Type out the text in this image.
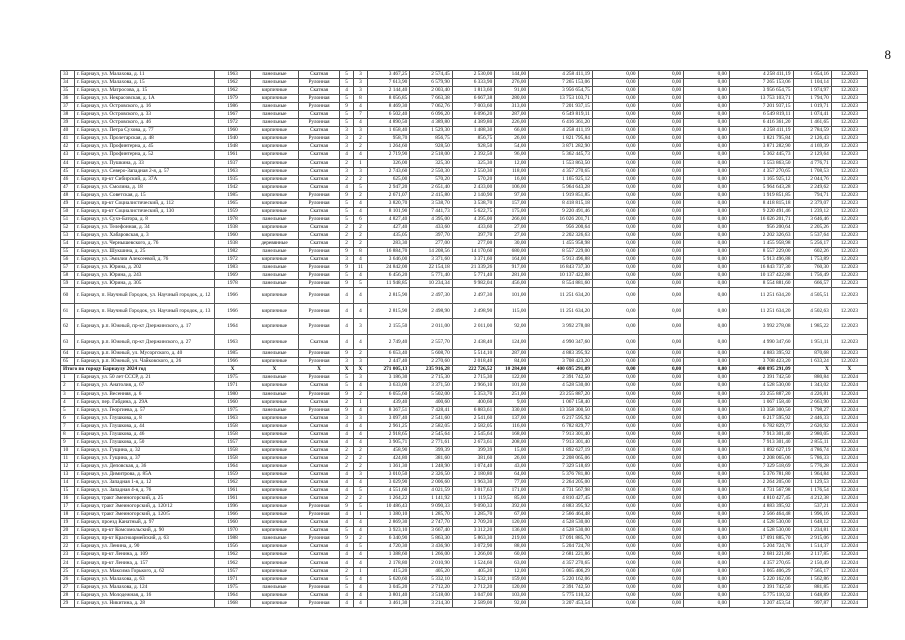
8
33	г. Барнаул, ул. Малахова, д. 11	1963	панельные	Скатная	5	3	3 467,25	2 574,45	2 530,00	144,00	4 258 411,19	0,00	0,00	0,00	4 258 411,19	1 654,16	12.2023
34	г. Барнаул, ул. Малахова, д. 15	1962	панельные	Рулонная	5	3	7 613,90	6 579,90	6 333,90	276,00	7 265 153,06	0,00	0,00	0,00	7 265 153,06	1 104,14	12.2023
35	г. Барнаул, ул. Матросова, д. 15	1962	кирпичные	Скатная	4	3	2 144,40	2 003,40	1 813,60	91,00	3 956 654,75	0,00	0,00	0,00	3 956 654,75	1 974,97	12.2023
36	г. Барнаул, ул. Некрасовская, д. 1А	1979	кирпичные	Рулонная	5	8	8 056,85	7 663,38	6 667,38	280,00	13 753 103,71	0,00	0,00	0,00	13 753 103,71	1 794,70	12.2023
37	г. Барнаул, ул. Островского, д. 16	1986	панельные	Рулонная	9	4	8 469,30	7 062,76	7 003,60	313,00	7 201 937,15	0,00	0,00	0,00	7 201 937,15	1 019,71	12.2023
38	г. Барнаул, ул. Островского, д. 33	1967	панельные	Скатная	5	7	6 502,40	6 096,20	6 096,20	287,00	6 549 819,11	0,00	0,00	0,00	6 549 819,11	1 074,41	12.2023
39	г. Барнаул, ул. Островского, д. 46	1972	панельные	Рулонная	5	4	4 890,50	4 389,80	4 389,80	226,00	6 416 361,20	0,00	0,00	0,00	6 416 361,20	1 461,65	12.2023
40	г. Барнаул, ул. Петра Сухова, д. 77	1960	кирпичные	Скатная	3	3	1 658,40	1 529,30	1 488,30	66,00	4 258 411,19	0,00	0,00	0,00	4 258 411,19	2 784,59	12.2023
41	г. Барнаул, ул. Пролетарская, д. 48	1940	кирпичные	Рулонная	3	2	958,70	856,75	856,75	26,00	1 821 795,84	0,00	0,00	0,00	1 821 795,84	2 126,43	12.2023
42	г. Барнаул, ул. Профинтерна, д. 45	1948	кирпичные	Скатная	3	2	1 264,60	928,50	928,50	54,00	3 871 282,90	0,00	0,00	0,00	3 871 282,90	4 169,39	12.2023
43	г. Барнаул, ул. Профинтерна, д. 52	1961	кирпичные	Скатная	4	4	2 719,90	2 518,00	2 392,50	96,00	5 362 445,73	0,00	0,00	0,00	5 362 445,73	2 129,64	12.2023
44	г. Барнаул, ул. Пушкина, д. 33	1937	кирпичные	Скатная	2	1	326,00	325,30	325,30	12,00	1 553 863,50	0,00	0,00	0,00	1 553 863,50	4 776,71	12.2023
45	г. Барнаул, ул. Северо-Западная 2-я, д. 57	1963	кирпичные	Скатная	3	3	2 743,60	2 550,30	2 550,30	118,00	4 357 270,65	0,00	0,00	0,00	4 357 270,65	1 708,53	12.2023
46	г. Барнаул, пр-кт Сибирский, д. 37А	1935	кирпичные	Скатная	2	2	625,00	570,20	570,20	16,00	1 165 925,12	0,00	0,00	0,00	1 165 925,12	2 044,76	12.2023
47	г. Барнаул, ул. Смолина, д. 18	1942	кирпичные	Скатная	4	5	2 947,20	2 651,40	2 433,00	106,00	5 964 643,28	0,00	0,00	0,00	5 964 643,28	2 249,62	12.2023
48	г. Барнаул, ул. Советская, д. 15	1985	кирпичные	Рулонная	9	2	2 671,07	2 415,80	2 140,90	97,00	1 919 851,85	0,00	0,00	0,00	1 919 851,85	794,71	12.2023
49	г. Барнаул, пр-кт Социалистический, д. 112	1965	кирпичные	Рулонная	5	4	3 820,70	3 538,70	3 538,70	157,00	8 418 815,18	0,00	0,00	0,00	8 418 815,18	2 379,07	12.2023
50	г. Барнаул, пр-кт Социалистический, д. 130	1959	кирпичные	Скатная	5	4	8 101,90	7 441,73	5 622,75	175,00	9 220 491,46	0,00	0,00	0,00	9 220 491,46	1 239,12	12.2023
51	г. Барнаул, ул. Сухэ-Батора, д. 8	1978	панельные	Рулонная	5	6	4 827,40	4 395,00	4 395,00	266,00	16 026 201,71	0,00	0,00	0,00	16 026 201,71	3 646,46	12.2023
52	г. Барнаул, ул. Телефонная, д. 34	1938	кирпичные	Скатная	2	2	427,40	433,60	433,60	27,00	956 200,64	0,00	0,00	0,00	956 200,64	2 205,26	12.2023
53	г. Барнаул, ул. Хабаровская, д. 3	1960	кирпичные	Скатная	2	2	435,05	397,70	397,70	27,00	2 202 326,63	0,00	0,00	0,00	2 202 326,63	5 537,64	12.2023
54	г. Барнаул, ул. Чернышевского, д. 76	1938	деревянные	Скатная	2	2	283,30	277,00	277,00	30,00	1 455 958,98	0,00	0,00	0,00	1 455 958,98	5 256,17	12.2023
55	г. Барнаул, ул. Шукшина, д. 25	1982	панельные	Рулонная	9	8	16 884,70	14 208,56	14 170,60	680,00	8 557 229,00	0,00	0,00	0,00	8 557 229,00	602,26	12.2023
56	г. Барнаул, ул. Эмилии Алексеевой, д. 76	1972	кирпичные	Скатная	3	4	3 646,00	3 371,60	3 371,60	164,00	5 913 496,88	0,00	0,00	0,00	5 913 496,88	1 753,89	12.2023
57	г. Барнаул, ул. Юрина, д. 202	1983	панельные	Рулонная	9	11	24 842,00	22 154,18	21 339,26	917,00	16 843 737,30	0,00	0,00	0,00	16 843 737,30	760,30	12.2023
58	г. Барнаул, ул. Юрина, д. 243	1969	панельные	Рулонная	5	4	6 456,20	5 771,40	5 771,40	281,00	10 137 422,88	0,00	0,00	0,00	10 137 422,88	1 756,49	12.2023
59	г. Барнаул, ул. Юрина, д. 305	1978	панельные	Рулонная	9	5	11 948,85	10 234,34	9 982,04	456,00	8 554 881,60	0,00	0,00	0,00	8 554 881,60	666,57	12.2023
60	г. Барнаул, п. Научный Городок, ул. Научный городок, д. 12	1966	кирпичные	Рулонная	4	4	2 815,90	2 497,30	2 497,30	101,00	11 251 634,20	0,00	0,00	0,00	11 251 634,20	4 505,51	12.2023
61	г. Барнаул, п. Научный Городок, ул. Научный городок, д. 13	1966	кирпичные	Рулонная	4	4	2 815,90	2 498,90	2 498,90	115,00	11 251 634,20	0,00	0,00	0,00	11 251 634,20	4 502,63	12.2023
62	г. Барнаул, р.п. Южный, пр-кт Дзержинского, д. 17	1964	кирпичные	Рулонная	4	3	2 155,50	2 011,00	2 011,00	92,00	3 992 278,08	0,00	0,00	0,00	3 992 278,08	1 985,22	12.2023
63	г. Барнаул, р.п. Южный, пр-кт Дзержинского, д. 27	1963	кирпичные	Скатная	4	4	2 749,40	2 557,70	2 438,40	124,00	4 990 347,60	0,00	0,00	0,00	4 990 347,60	1 951,11	12.2023
64	г. Барнаул, р.п. Южный, ул. Мусоргского, д. 40	1985	панельные	Рулонная	9	2	6 653,40	5 608,70	5 514,10	287,00	4 883 395,92	0,00	0,00	0,00	4 883 395,92	870,68	12.2023
65	г. Барнаул, р.п. Южный, ул. Чайковского, д. 26	1966	кирпичные	Рулонная	3	3	2 447,40	2 270,60	2 018,40	84,00	3 708 423,20	0,00	0,00	0,00	3 708 423,20	1 633,24	12.2023
Итого по городу Барнаулу 2024 год		X	X	X	X	X	271 005,13	235 916,28	222 726,52	10 284,00	400 695 291,09	0,00	0,00	0,00	400 095 291,09	X	X
1	г. Барнаул, ул. 50 лет СССР, д. 21	1975	панельные	Рулонная	5	3	3 186,30	2 715,30	2 715,30	122,00	2 391 742,50	0,00	0,00	0,00	2 391 742,50	880,84	12.2024
2	г. Барнаул, ул. Анатолия, д. 67	1971	кирпичные	Скатная	5	4	3 633,00	3 371,50	2 966,10	101,00	4 528 530,00	0,00	0,00	0,00	4 528 530,00	1 343,02	12.2024
3	г. Барнаул, ул. Весенняя, д. 6	1980	панельные	Рулонная	9	2	6 055,60	5 502,00	5 353,70	251,00	23 255 887,20	0,00	0,00	0,00	23 255 887,20	4 226,81	12.2024
4	г. Барнаул, пер. Габдина, д. 29А	1960	кирпичные	Скатная	2	1	439,40	400,60	400,60	9,00	1 067 158,40	0,00	0,00	0,00	1 067 158,40	2 663,90	12.2024
5	г. Барнаул, ул. Георгиева, д. 57	1975	панельные	Рулонная	9	4	8 367,51	7 428,41	6 883,61	330,00	13 358 300,50	0,00	0,00	0,00	13 358 300,50	1 798,27	12.2024
6	г. Барнаул, ул. Глушкова, д. 8	1963	кирпичные	Скатная	3	3	3 097,40	2 541,60	2 541,60	137,00	6 217 595,92	0,00	0,00	0,00	6 217 595,92	2 446,33	12.2024
7	г. Барнаул, ул. Глушкова, д. 44	1958	кирпичные	Скатная	4	4	2 961,25	2 582,05	2 582,05	116,00	6 782 829,77	0,00	0,00	0,00	6 782 829,77	2 626,92	12.2024
8	г. Барнаул, ул. Глушкова, д. 46	1958	кирпичные	Скатная	4	4	2 918,65	2 545,64	2 545,64	168,00	7 913 301,40	0,00	0,00	0,00	7 913 301,40	2 980,05	12.2024
9	г. Барнаул, ул. Глушкова, д. 50	1957	кирпичные	Скатная	4	4	3 905,71	2 771,61	2 673,61	208,00	7 913 301,40	0,00	0,00	0,00	7 913 301,40	2 855,11	12.2024
10	г. Барнаул, ул. Гущина, д. 32	1958	кирпичные	Скатная	2	2	458,90	399,39	399,39	15,00	1 892 627,19	0,00	0,00	0,00	1 892 627,19	4 786,74	12.2024
11	г. Барнаул, ул. Гущина, д. 37	1958	кирпичные	Скатная	2	2	424,80	381,60	381,60	26,00	2 208 065,06	0,00	0,00	0,00	2 208 065,06	5 786,33	12.2024
12	г. Барнаул, ул. Деповская, д. 36	1964	кирпичные	Скатная	2	2	1 361,30	1 248,90	1 074,40	43,00	7 329 518,69	0,00	0,00	0,00	7 329 518,69	5 776,28	12.2024
13	г. Барнаул, ул. Димитрова, д. 85А	1959	кирпичные	Скатная	4	3	3 010,50	2 326,50	2 180,80	64,00	5 376 781,80	0,00	0,00	0,00	5 376 781,80	1 964,84	12.2024
14	г. Барнаул, ул. Западная 1-я, д. 12	1962	кирпичные	Скатная	4	4	3 029,90	2 006,60	1 963,30	77,00	2 264 205,00	0,00	0,00	0,00	2 264 205,00	1 129,53	12.2024
15	г. Барнаул, ул. Западная 4-я, д. 76	1961	кирпичные	Скатная	4	5	4 551,60	4 021,59	3 017,63	171,00	4 731 567,98	0,00	0,00	0,00	4 731 567,98	1 176,54	12.2024
16	г. Барнаул, тракт Змеиногорский, д. 25	1961	кирпичные	Скатная	2	2	1 264,22	1 141,92	1 119,52	85,00	4 810 427,45	0,00	0,00	0,00	4 810 427,45	4 212,38	12.2024
17	г. Барнаул, тракт Змеиногорский, д. 120/12	1996	кирпичные	Рулонная	9	5	10 486,43	9 090,33	9 090,33	392,00	4 883 395,92	0,00	0,00	0,00	4 883 395,92	537,21	12.2024
18	г. Барнаул, тракт Змеиногорский, д. 120/5	1966	кирпичные	Рулонная	4	1	1 380,10	1 285,70	1 285,70	67,00	2 566 464,48	0,00	0,00	0,00	2 566 464,48	1 996,16	12.2024
19	г. Барнаул, проезд Канатный, д. 97	1960	кирпичные	Скатная	4	4	2 869,30	2 747,70	2 709,20	120,00	4 528 530,00	0,00	0,00	0,00	4 528 530,00	1 648,12	12.2024
20	г. Барнаул, пр-кт Комсомольский, д. 90	1970	кирпичные	Скатная	5	4	3 923,10	3 667,40	3 312,20	136,00	4 528 530,00	0,00	0,00	0,00	4 528 530,00	1 234,81	12.2024
21	г. Барнаул, пр-кт Красноармейский, д. 63	1988	панельные	Рулонная	9	2	6 340,90	5 863,30	5 863,30	219,00	17 091 885,70	0,00	0,00	0,00	17 091 885,70	2 915,06	12.2024
22	г. Барнаул, ул. Ленина, д. 90	1956	кирпичные	Скатная	4	5	4 720,30	3 436,90	3 072,90	88,00	5 204 724,78	0,00	0,00	0,00	5 204 724,78	1 514,37	12.2024
23	г. Барнаул, пр-кт Ленина, д. 109	1962	кирпичные	Скатная	4	4	1 388,60	1 266,00	1 266,00	60,00	2 681 221,86	0,00	0,00	0,00	2 681 221,86	2 117,85	12.2024
24	г. Барнаул, пр-кт Ленина, д. 157	1962	кирпичные	Скатная	4	4	2 178,80	2 010,90	1 524,60	63,00	4 357 270,65	0,00	0,00	0,00	4 357 270,65	2 150,49	12.2024
25	г. Барнаул, ул. Максима Горького, д. 62	1957	кирпичные	Скатная	2	1	415,20	405,20	405,20	12,00	3 065 406,29	0,00	0,00	0,00	3 065 406,29	7 565,17	12.2024
26	г. Барнаул, ул. Малахова, д. 63	1971	кирпичные	Скатная	5	4	5 620,60	5 332,10	3 532,10	159,00	5 220 162,06	0,00	0,00	0,00	5 220 162,06	1 562,86	12.2024
27	г. Барнаул, ул. Малахова, д. 124	1975	панельные	Рулонная	5	4	3 045,20	2 712,20	2 712,20	120,00	2 391 742,50	0,00	0,00	0,00	2 391 742,50	881,85	12.2024
28	г. Барнаул, ул. Молодежная, д. 16	1964	кирпичные	Скатная	4	4	3 801,40	3 518,00	3 047,00	103,00	5 775 110,32	0,00	0,00	0,00	5 775 110,32	1 648,89	12.2024
29	г. Барнаул, ул. Никитина, д. 28	1968	кирпичные	Рулонная	4	4	3 461,30	3 214,30	2 589,00	92,00	3 207 453,54	0,00	0,00	0,00	3 207 453,54	997,87	12.2024
